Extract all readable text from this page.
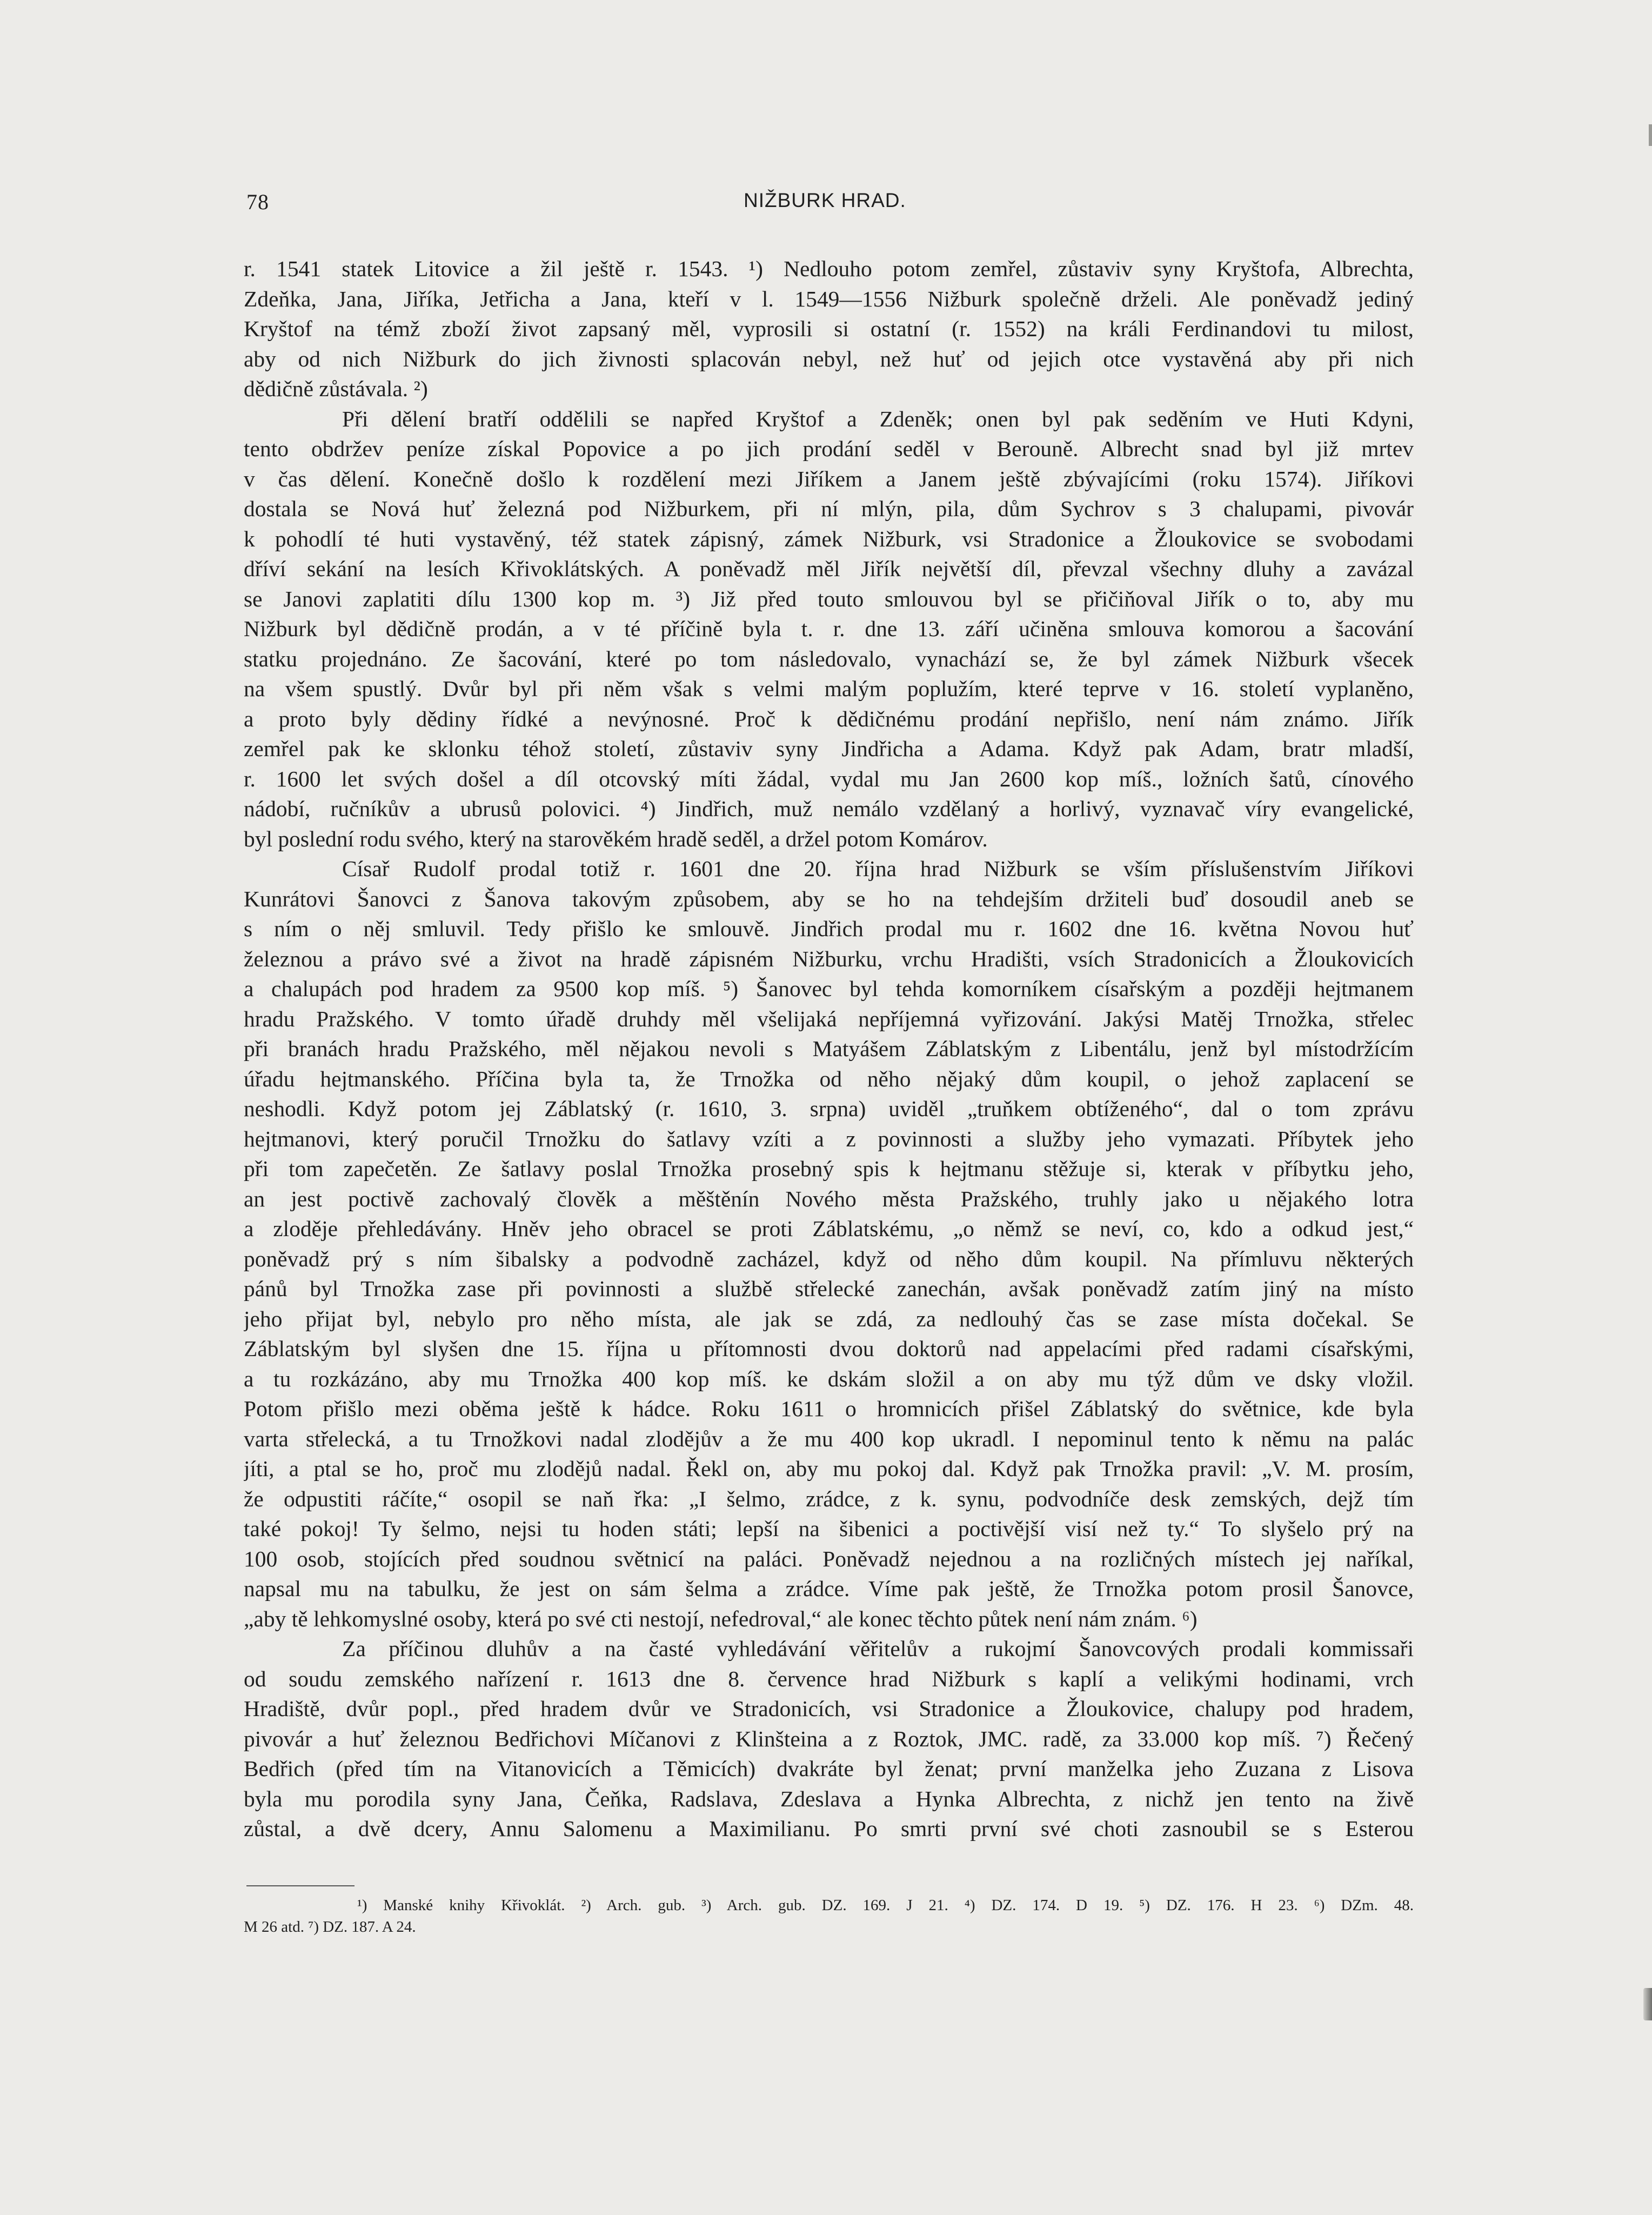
78	NIŽBURK HRAD.
r. 1541 statek Litovice a žil ještě r. 1543. ¹) Nedlouho potom zemřel, zůstaviv syny Kryštofa, Albrechta,
Zdeňka, Jana, Jiříka, Jetřicha a Jana, kteří v l. 1549—1556 Nižburk společně drželi. Ale poněvadž jediný
Kryštof na témž zboží život zapsaný měl, vyprosili si ostatní (r. 1552) na králi Ferdinandovi tu milost,
aby od nich Nižburk do jich živnosti splacován nebyl, než huť od jejich otce vystavěná aby při nich
dědičně zůstávala. ²)
Při dělení bratří oddělili se napřed Kryštof a Zdeněk; onen byl pak seděním ve Huti Kdyni,
tento obdržev peníze získal Popovice a po jich prodání seděl v Berouně. Albrecht snad byl již mrtev
v čas dělení. Konečně došlo k rozdělení mezi Jiříkem a Janem ještě zbývajícími (roku 1574). Jiříkovi
dostala se Nová huť železná pod Nižburkem, při ní mlýn, pila, dům Sychrov s 3 chalupami, pivovár
k pohodlí té huti vystavěný, též statek zápisný, zámek Nižburk, vsi Stradonice a Žloukovice se svobodami
dříví sekání na lesích Křivoklátských. A poněvadž měl Jiřík největší díl, převzal všechny dluhy a zavázal
se Janovi zaplatiti dílu 1300 kop m. ³) Již před touto smlouvou byl se přičiňoval Jiřík o to, aby mu
Nižburk byl dědičně prodán, a v té příčině byla t. r. dne 13. září učiněna smlouva komorou a šacování
statku projednáno. Ze šacování, které po tom následovalo, vynachází se, že byl zámek Nižburk všecek
na všem spustlý. Dvůr byl při něm však s velmi malým poplužím, které teprve v 16. století vyplaněno,
a proto byly dědiny řídké a nevýnosné. Proč k dědičnému prodání nepřišlo, není nám známo. Jiřík
zemřel pak ke sklonku téhož století, zůstaviv syny Jindřicha a Adama. Když pak Adam, bratr mladší,
r. 1600 let svých došel a díl otcovský míti žádal, vydal mu Jan 2600 kop míš., ložních šatů, cínového
nádobí, ručníkův a ubrusů polovici. ⁴) Jindřich, muž nemálo vzdělaný a horlivý, vyznavač víry evangelické,
byl poslední rodu svého, který na starověkém hradě seděl, a držel potom Komárov.
Císař Rudolf prodal totiž r. 1601 dne 20. října hrad Nižburk se vším příslušenstvím Jiříkovi
Kunrátovi Šanovci z Šanova takovým způsobem, aby se ho na tehdejším držiteli buď dosoudil aneb se
s ním o něj smluvil. Tedy přišlo ke smlouvě. Jindřich prodal mu r. 1602 dne 16. května Novou huť
železnou a právo své a život na hradě zápisném Nižburku, vrchu Hradišti, vsích Stradonicích a Žloukovicích
a chalupách pod hradem za 9500 kop míš. ⁵) Šanovec byl tehda komorníkem císařským a později hejtmanem
hradu Pražského. V tomto úřadě druhdy měl všelijaká nepříjemná vyřizování. Jakýsi Matěj Trnožka, střelec
při branách hradu Pražského, měl nějakou nevoli s Matyášem Záblatským z Libentálu, jenž byl místodržícím
úřadu hejtmanského. Příčina byla ta, že Trnožka od něho nějaký dům koupil, o jehož zaplacení se
neshodli. Když potom jej Záblatský (r. 1610, 3. srpna) uviděl „truňkem obtíženého“, dal o tom zprávu
hejtmanovi, který poručil Trnožku do šatlavy vzíti a z povinnosti a služby jeho vymazati. Příbytek jeho
při tom zapečetěn. Ze šatlavy poslal Trnožka prosebný spis k hejtmanu stěžuje si, kterak v příbytku jeho,
an jest poctivě zachovalý člověk a měštěnín Nového města Pražského, truhly jako u nějakého lotra
a zloděje přehledávány. Hněv jeho obracel se proti Záblatskému, „o němž se neví, co, kdo a odkud jest,“
poněvadž prý s ním šibalsky a podvodně zacházel, když od něho dům koupil. Na přímluvu některých
pánů byl Trnožka zase při povinnosti a službě střelecké zanechán, avšak poněvadž zatím jiný na místo
jeho přijat byl, nebylo pro něho místa, ale jak se zdá, za nedlouhý čas se zase místa dočekal. Se
Záblatským byl slyšen dne 15. října u přítomnosti dvou doktorů nad appelacími před radami císařskými,
a tu rozkázáno, aby mu Trnožka 400 kop míš. ke dskám složil a on aby mu týž dům ve dsky vložil.
Potom přišlo mezi oběma ještě k hádce. Roku 1611 o hromnicích přišel Záblatský do světnice, kde byla
varta střelecká, a tu Trnožkovi nadal zlodějův a že mu 400 kop ukradl. I nepominul tento k němu na palác
jíti, a ptal se ho, proč mu zlodějů nadal. Řekl on, aby mu pokoj dal. Když pak Trnožka pravil: „V. M. prosím,
že odpustiti ráčíte,“ osopil se naň řka: „I šelmo, zrádce, z k. synu, podvodníče desk zemských, dejž tím
také pokoj! Ty šelmo, nejsi tu hoden státi; lepší na šibenici a poctivější visí než ty.“ To slyšelo prý na
100 osob, stojících před soudnou světnicí na paláci. Poněvadž nejednou a na rozličných místech jej naříkal,
napsal mu na tabulku, že jest on sám šelma a zrádce. Víme pak ještě, že Trnožka potom prosil Šanovce,
„aby tě lehkomyslné osoby, která po své cti nestojí, nefedroval,“ ale konec těchto půtek není nám znám. ⁶)
Za příčinou dluhův a na časté vyhledávání věřitelův a rukojmí Šanovcových prodali kommissaři
od soudu zemského nařízení r. 1613 dne 8. července hrad Nižburk s kaplí a velikými hodinami, vrch
Hradiště, dvůr popl., před hradem dvůr ve Stradonicích, vsi Stradonice a Žloukovice, chalupy pod hradem,
pivovár a huť železnou Bedřichovi Míčanovi z Klinšteina a z Roztok, JMC. radě, za 33.000 kop míš. ⁷) Řečený
Bedřich (před tím na Vitanovicích a Těmicích) dvakráte byl ženat; první manželka jeho Zuzana z Lisova
byla mu porodila syny Jana, Čeňka, Radslava, Zdeslava a Hynka Albrechta, z nichž jen tento na živě
zůstal, a dvě dcery, Annu Salomenu a Maximilianu. Po smrti první své choti zasnoubil se s Esterou
¹) Manské knihy Křivoklát. ²) Arch. gub. ³) Arch. gub. DZ. 169. J 21. ⁴) DZ. 174. D 19. ⁵) DZ. 176. H 23. ⁶) DZm. 48.
M 26 atd. ⁷) DZ. 187. A 24.
